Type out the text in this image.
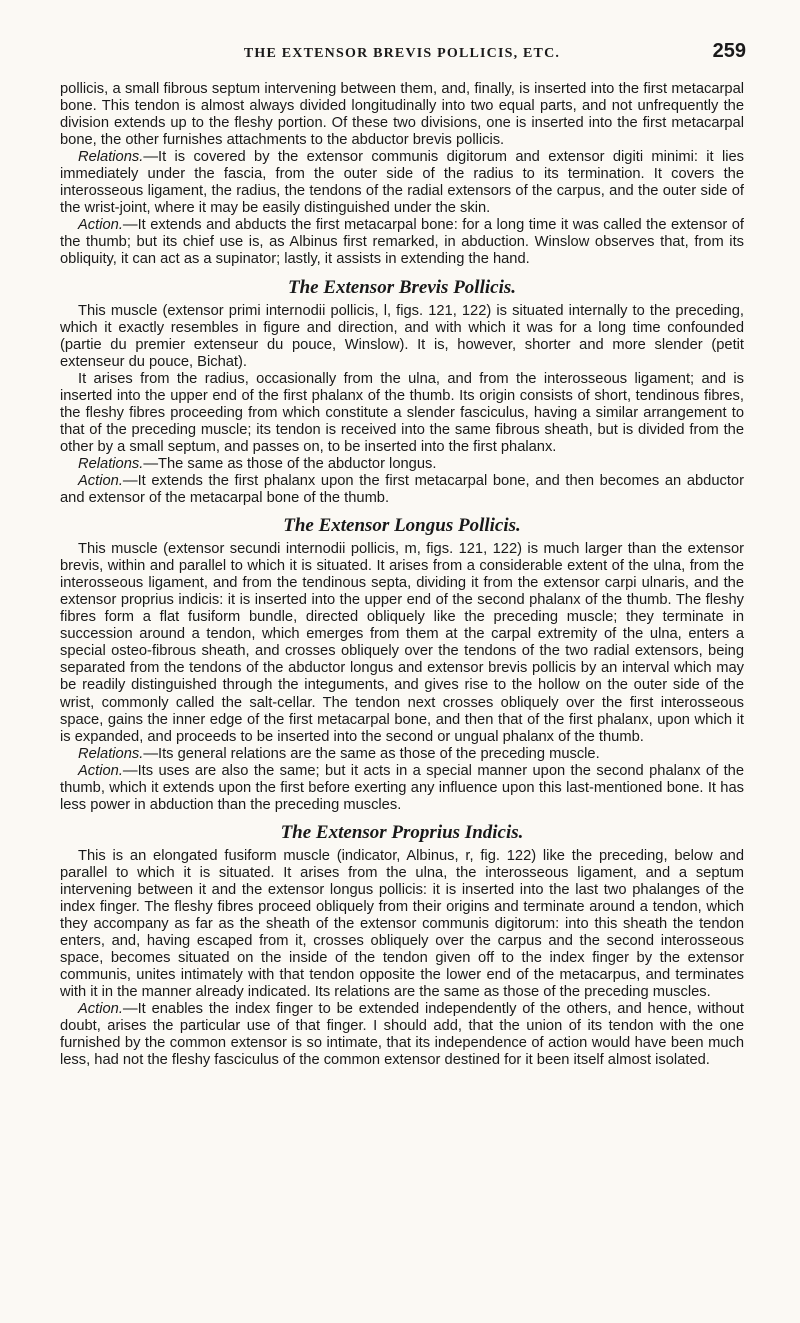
THE EXTENSOR BREVIS POLLICIS, ETC.	259

pollicis, a small fibrous septum intervening between them, and, finally, is inserted into the first metacarpal bone. This tendon is almost always divided longitudinally into two equal parts, and not unfrequently the division extends up to the fleshy portion. Of these two divisions, one is inserted into the first metacarpal bone, the other furnishes attachments to the abductor brevis pollicis.

Relations.—It is covered by the extensor communis digitorum and extensor digiti minimi: it lies immediately under the fascia, from the outer side of the radius to its termination. It covers the interosseous ligament, the radius, the tendons of the radial extensors of the carpus, and the outer side of the wrist-joint, where it may be easily distinguished under the skin.

Action.—It extends and abducts the first metacarpal bone: for a long time it was called the extensor of the thumb; but its chief use is, as Albinus first remarked, in abduction. Winslow observes that, from its obliquity, it can act as a supinator; lastly, it assists in extending the hand.

The Extensor Brevis Pollicis.

This muscle (extensor primi internodii pollicis, l, figs. 121, 122) is situated internally to the preceding, which it exactly resembles in figure and direction, and with which it was for a long time confounded (partie du premier extenseur du pouce, Winslow). It is, however, shorter and more slender (petit extenseur du pouce, Bichat).

It arises from the radius, occasionally from the ulna, and from the interosseous ligament; and is inserted into the upper end of the first phalanx of the thumb. Its origin consists of short, tendinous fibres, the fleshy fibres proceeding from which constitute a slender fasciculus, having a similar arrangement to that of the preceding muscle; its tendon is received into the same fibrous sheath, but is divided from the other by a small septum, and passes on, to be inserted into the first phalanx.

Relations.—The same as those of the abductor longus.

Action.—It extends the first phalanx upon the first metacarpal bone, and then becomes an abductor and extensor of the metacarpal bone of the thumb.

The Extensor Longus Pollicis.

This muscle (extensor secundi internodii pollicis, m, figs. 121, 122) is much larger than the extensor brevis, within and parallel to which it is situated. It arises from a considerable extent of the ulna, from the interosseous ligament, and from the tendinous septa, dividing it from the extensor carpi ulnaris, and the extensor proprius indicis: it is inserted into the upper end of the second phalanx of the thumb. The fleshy fibres form a flat fusiform bundle, directed obliquely like the preceding muscle; they terminate in succession around a tendon, which emerges from them at the carpal extremity of the ulna, enters a special osteo-fibrous sheath, and crosses obliquely over the tendons of the two radial extensors, being separated from the tendons of the abductor longus and extensor brevis pollicis by an interval which may be readily distinguished through the integuments, and gives rise to the hollow on the outer side of the wrist, commonly called the salt-cellar. The tendon next crosses obliquely over the first interosseous space, gains the inner edge of the first metacarpal bone, and then that of the first phalanx, upon which it is expanded, and proceeds to be inserted into the second or ungual phalanx of the thumb.

Relations.—Its general relations are the same as those of the preceding muscle.

Action.—Its uses are also the same; but it acts in a special manner upon the second phalanx of the thumb, which it extends upon the first before exerting any influence upon this last-mentioned bone. It has less power in abduction than the preceding muscles.

The Extensor Proprius Indicis.

This is an elongated fusiform muscle (indicator, Albinus, r, fig. 122) like the preceding, below and parallel to which it is situated. It arises from the ulna, the interosseous ligament, and a septum intervening between it and the extensor longus pollicis: it is inserted into the last two phalanges of the index finger. The fleshy fibres proceed obliquely from their origins and terminate around a tendon, which they accompany as far as the sheath of the extensor communis digitorum: into this sheath the tendon enters, and, having escaped from it, crosses obliquely over the carpus and the second interosseous space, becomes situated on the inside of the tendon given off to the index finger by the extensor communis, unites intimately with that tendon opposite the lower end of the metacarpus, and terminates with it in the manner already indicated. Its relations are the same as those of the preceding muscles.

Action.—It enables the index finger to be extended independently of the others, and hence, without doubt, arises the particular use of that finger. I should add, that the union of its tendon with the one furnished by the common extensor is so intimate, that its independence of action would have been much less, had not the fleshy fasciculus of the common extensor destined for it been itself almost isolated.
